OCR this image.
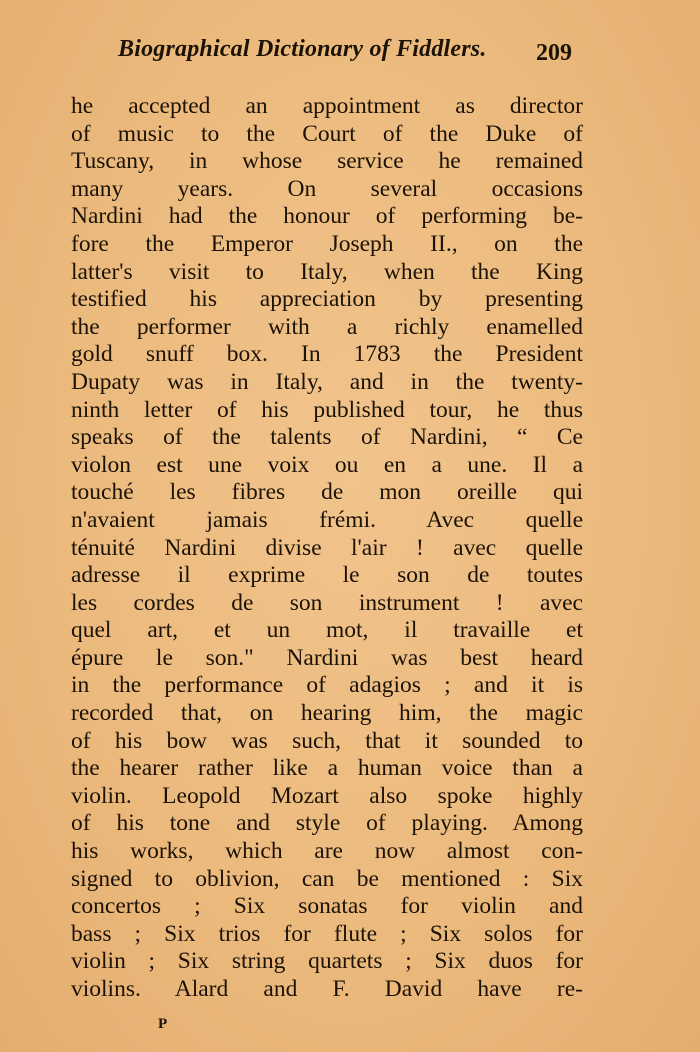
Biographical Dictionary of Fiddlers. 209
he accepted an appointment as director
of music to the Court of the Duke of
Tuscany, in whose service he remained
many years. On several occasions
Nardini had the honour of performing be-
fore the Emperor Joseph II., on the
latter's visit to Italy, when the King
testified his appreciation by presenting
the performer with a richly enamelled
gold snuff box. In 1783 the President
Dupaty was in Italy, and in the twenty-
ninth letter of his published tour, he thus
speaks of the talents of Nardini, “ Ce
violon est une voix ou en a une. Il a
touché les fibres de mon oreille qui
n'avaient jamais frémi. Avec quelle
ténuité Nardini divise l'air ! avec quelle
adresse il exprime le son de toutes
les cordes de son instrument ! avec
quel art, et un mot, il travaille et
épure le son." Nardini was best heard
in the performance of adagios ; and it is
recorded that, on hearing him, the magic
of his bow was such, that it sounded to
the hearer rather like a human voice than a
violin. Leopold Mozart also spoke highly
of his tone and style of playing. Among
his works, which are now almost con-
signed to oblivion, can be mentioned : Six
concertos ; Six sonatas for violin and
bass ; Six trios for flute ; Six solos for
violin ; Six string quartets ; Six duos for
violins. Alard and F. David have re-
P
